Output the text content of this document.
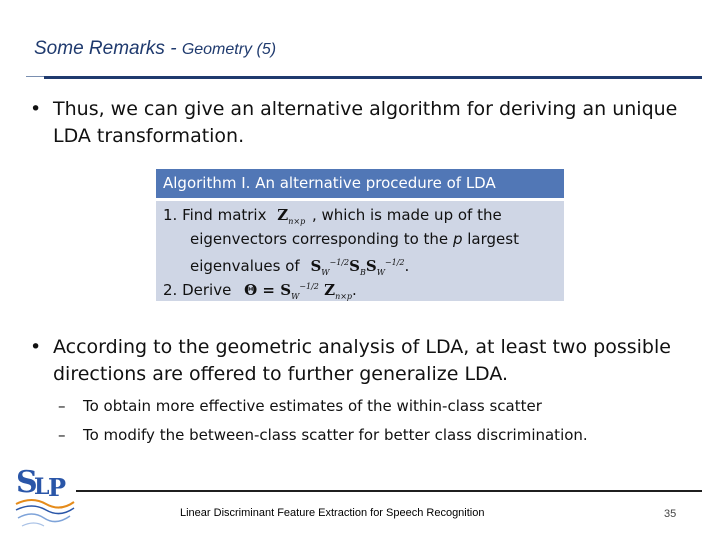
Some Remarks - Geometry (5)
• Thus, we can give an alternative algorithm for deriving an unique LDA transformation.
Algorithm I. An alternative procedure of LDA
1. Find matrix $Z_{n\times p}$ , which is made up of the
eigenvectors corresponding to the p largest
eigenvalues of $S_W^{-1/2}S_BS_W^{-1/2}$.
2. Derive $\Theta = S_W^{-1/2}$ $Z_{n\times p}$.
• According to the geometric analysis of LDA, at least two possible directions are offered to further generalize LDA.
– To obtain more effective estimates of the within-class scatter
– To modify the between-class scatter for better class discrimination.
S
L
P
Linear Discriminant Feature Extraction for Speech Recognition	35
